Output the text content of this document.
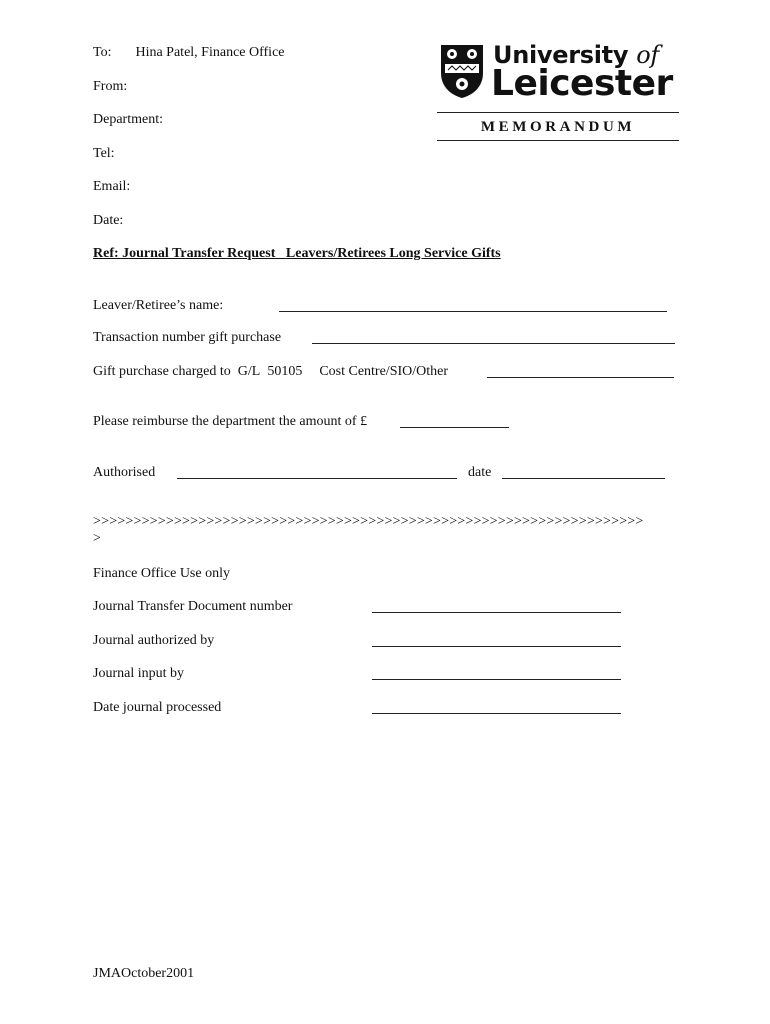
To: Hina Patel, Finance Office
From:
Department:
Tel:
Email:
Date:
University of
Leicester
MEMORANDUM
Ref: Journal Transfer Request Leavers/Retirees Long Service Gifts
Leaver/Retiree’s name:
Transaction number gift purchase
Gift purchase charged to G/L 50105 Cost Centre/SIO/Other
Please reimburse the department the amount of £
Authorised	date
>>>>>>>>>>>>>>>>>>>>>>>>>>>>>>>>>>>>>>>>>>>>>>>>>>>>>>>>>>>>>>>>>>>>
>
Finance Office Use only
Journal Transfer Document number
Journal authorized by
Journal input by
Date journal processed
JMAOctober2001
